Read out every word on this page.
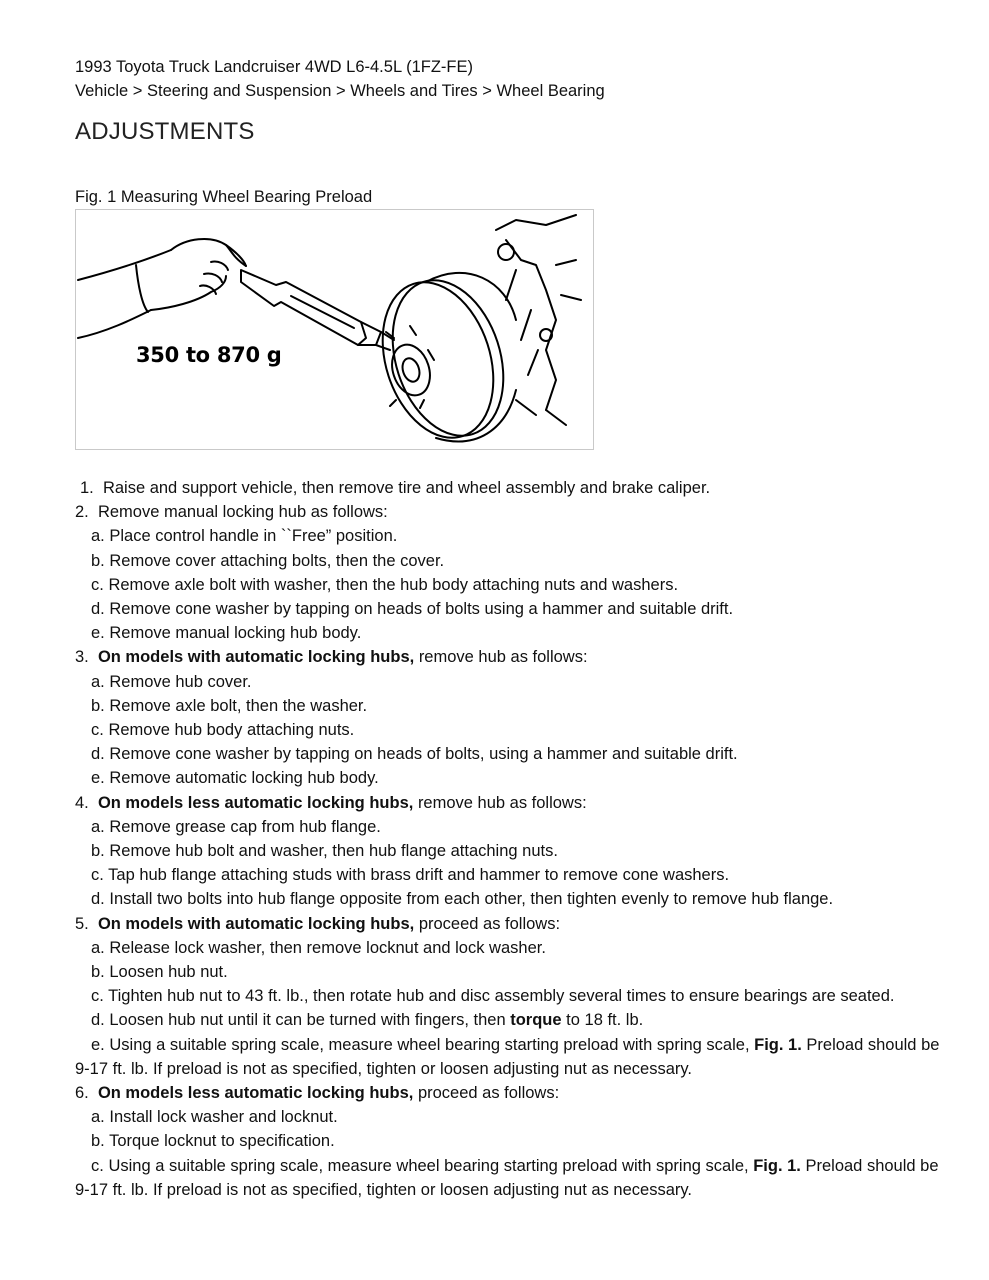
1993 Toyota Truck Landcruiser 4WD L6-4.5L (1FZ-FE)
Vehicle > Steering and Suspension > Wheels and Tires > Wheel Bearing
ADJUSTMENTS
Fig. 1 Measuring Wheel Bearing Preload
350 to 870 g

1. Raise and support vehicle, then remove tire and wheel assembly and brake caliper.

2. Remove manual locking hub as follows:

a. Place control handle in ``Free” position.

b. Remove cover attaching bolts, then the cover.

c. Remove axle bolt with washer, then the hub body attaching nuts and washers.

d. Remove cone washer by tapping on heads of bolts using a hammer and suitable drift.

e. Remove manual locking hub body.

3. On models with automatic locking hubs, remove hub as follows:

a. Remove hub cover.

b. Remove axle bolt, then the washer.

c. Remove hub body attaching nuts.

d. Remove cone washer by tapping on heads of bolts, using a hammer and suitable drift.

e. Remove automatic locking hub body.

4. On models less automatic locking hubs, remove hub as follows:

a. Remove grease cap from hub flange.

b. Remove hub bolt and washer, then hub flange attaching nuts.

c. Tap hub flange attaching studs with brass drift and hammer to remove cone washers.

d. Install two bolts into hub flange opposite from each other, then tighten evenly to remove hub flange.

5. On models with automatic locking hubs, proceed as follows:

a. Release lock washer, then remove locknut and lock washer.

b. Loosen hub nut.

c. Tighten hub nut to 43 ft. lb., then rotate hub and disc assembly several times to ensure bearings are seated.

d. Loosen hub nut until it can be turned with fingers, then torque to 18 ft. lb.

e. Using a suitable spring scale, measure wheel bearing starting preload with spring scale, Fig. 1. Preload should be 9-17 ft. lb. If preload is not as specified, tighten or loosen adjusting nut as necessary.

6. On models less automatic locking hubs, proceed as follows:

a. Install lock washer and locknut.

b. Torque locknut to specification.

c. Using a suitable spring scale, measure wheel bearing starting preload with spring scale, Fig. 1. Preload should be 9-17 ft. lb. If preload is not as specified, tighten or loosen adjusting nut as necessary.
